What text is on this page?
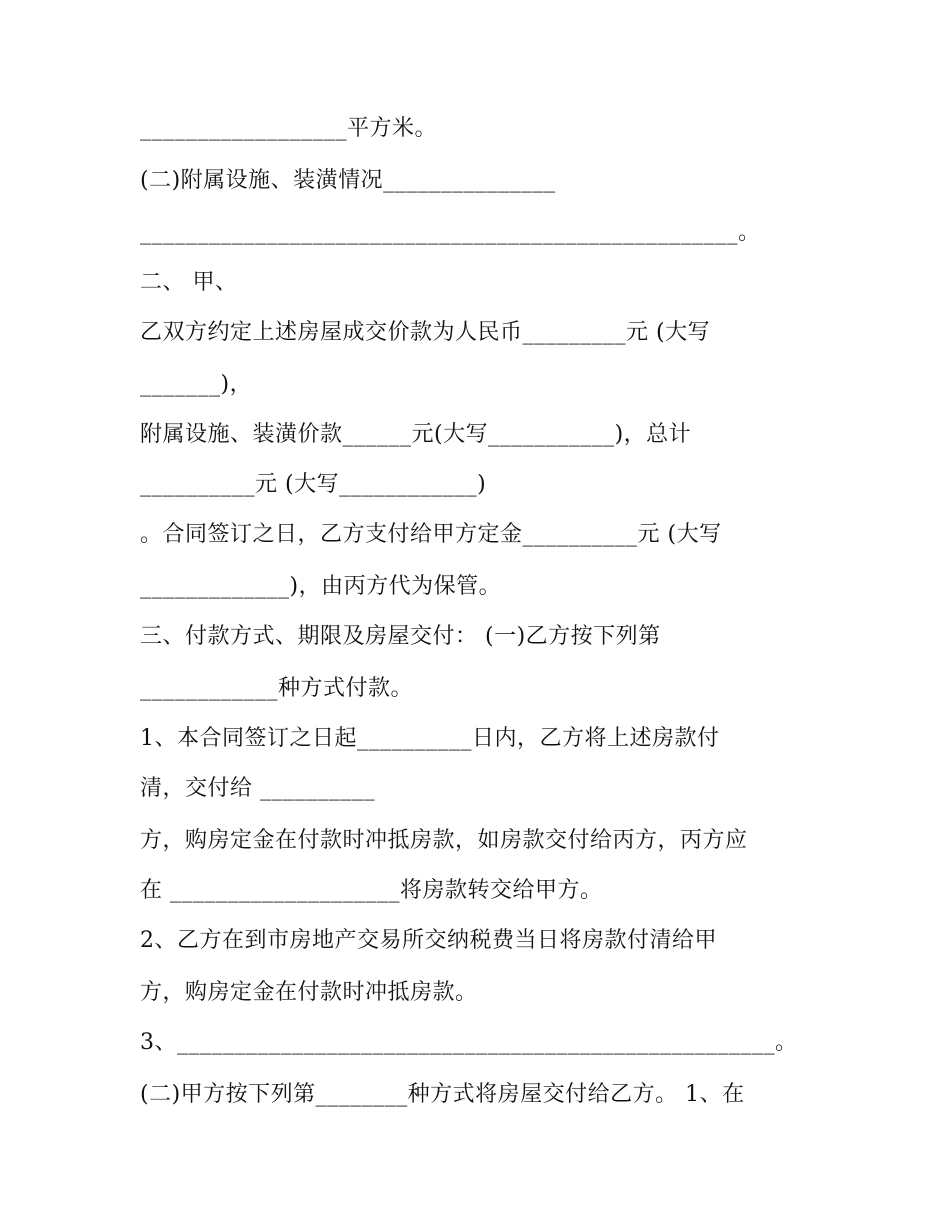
__________________平方米。
(二)附属设施、装潢情况_______________
____________________________________________________。
二、 甲、
乙双方约定上述房屋成交价款为人民币_________元 (大写
_______)，
附属设施、装潢价款______元(大写___________)，总计
__________元 (大写____________)
。合同签订之日，乙方支付给甲方定金__________元 (大写
_____________)，由丙方代为保管。
三、付款方式、期限及房屋交付： (一)乙方按下列第
____________种方式付款。
1、本合同签订之日起__________日内，乙方将上述房款付
清，交付给 __________
方，购房定金在付款时冲抵房款，如房款交付给丙方，丙方应
在 ____________________将房款转交给甲方。
2、乙方在到市房地产交易所交纳税费当日将房款付清给甲
方，购房定金在付款时冲抵房款。
3、____________________________________________________。
(二)甲方按下列第________种方式将房屋交付给乙方。 1、在
